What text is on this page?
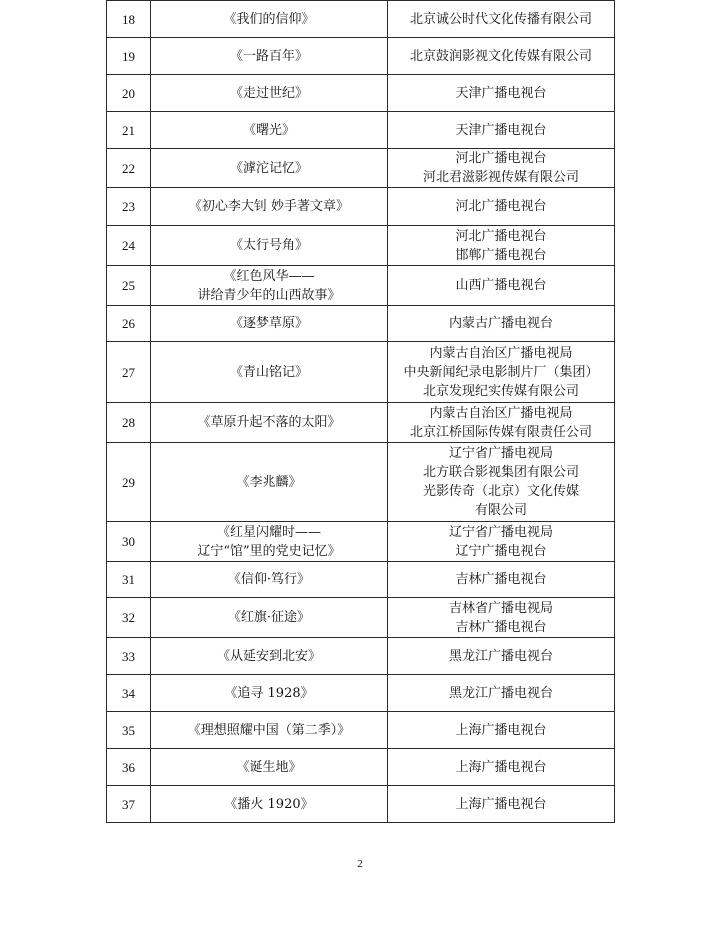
18	《我们的信仰》	北京诚公时代文化传播有限公司

19	《一路百年》	北京鼓润影视文化传媒有限公司

20	《走过世纪》	天津广播电视台

21	《曙光》	天津广播电视台

22	《滹沱记忆》	河北广播电视台
河北君滋影视传媒有限公司

23	《初心李大钊 妙手著文章》	河北广播电视台

24	《太行号角》	河北广播电视台
邯郸广播电视台

25	《红色风华——
讲给青少年的山西故事》	山西广播电视台

26	《逐梦草原》	内蒙古广播电视台

27	《青山铭记》	内蒙古自治区广播电视局
中央新闻纪录电影制片厂（集团）
北京发现纪实传媒有限公司

28	《草原升起不落的太阳》	内蒙古自治区广播电视局
北京江桥国际传媒有限责任公司

29	《李兆麟》	辽宁省广播电视局
北方联合影视集团有限公司
光影传奇（北京）文化传媒
有限公司

30	《红星闪耀时——
辽宁“馆”里的党史记忆》	辽宁省广播电视局
辽宁广播电视台

31	《信仰·笃行》	吉林广播电视台

32	《红旗·征途》	吉林省广播电视局
吉林广播电视台

33	《从延安到北安》	黑龙江广播电视台

34	《追寻 1928》	黑龙江广播电视台

35	《理想照耀中国（第二季）》	上海广播电视台

36	《诞生地》	上海广播电视台

37	《播火 1920》	上海广播电视台
2
